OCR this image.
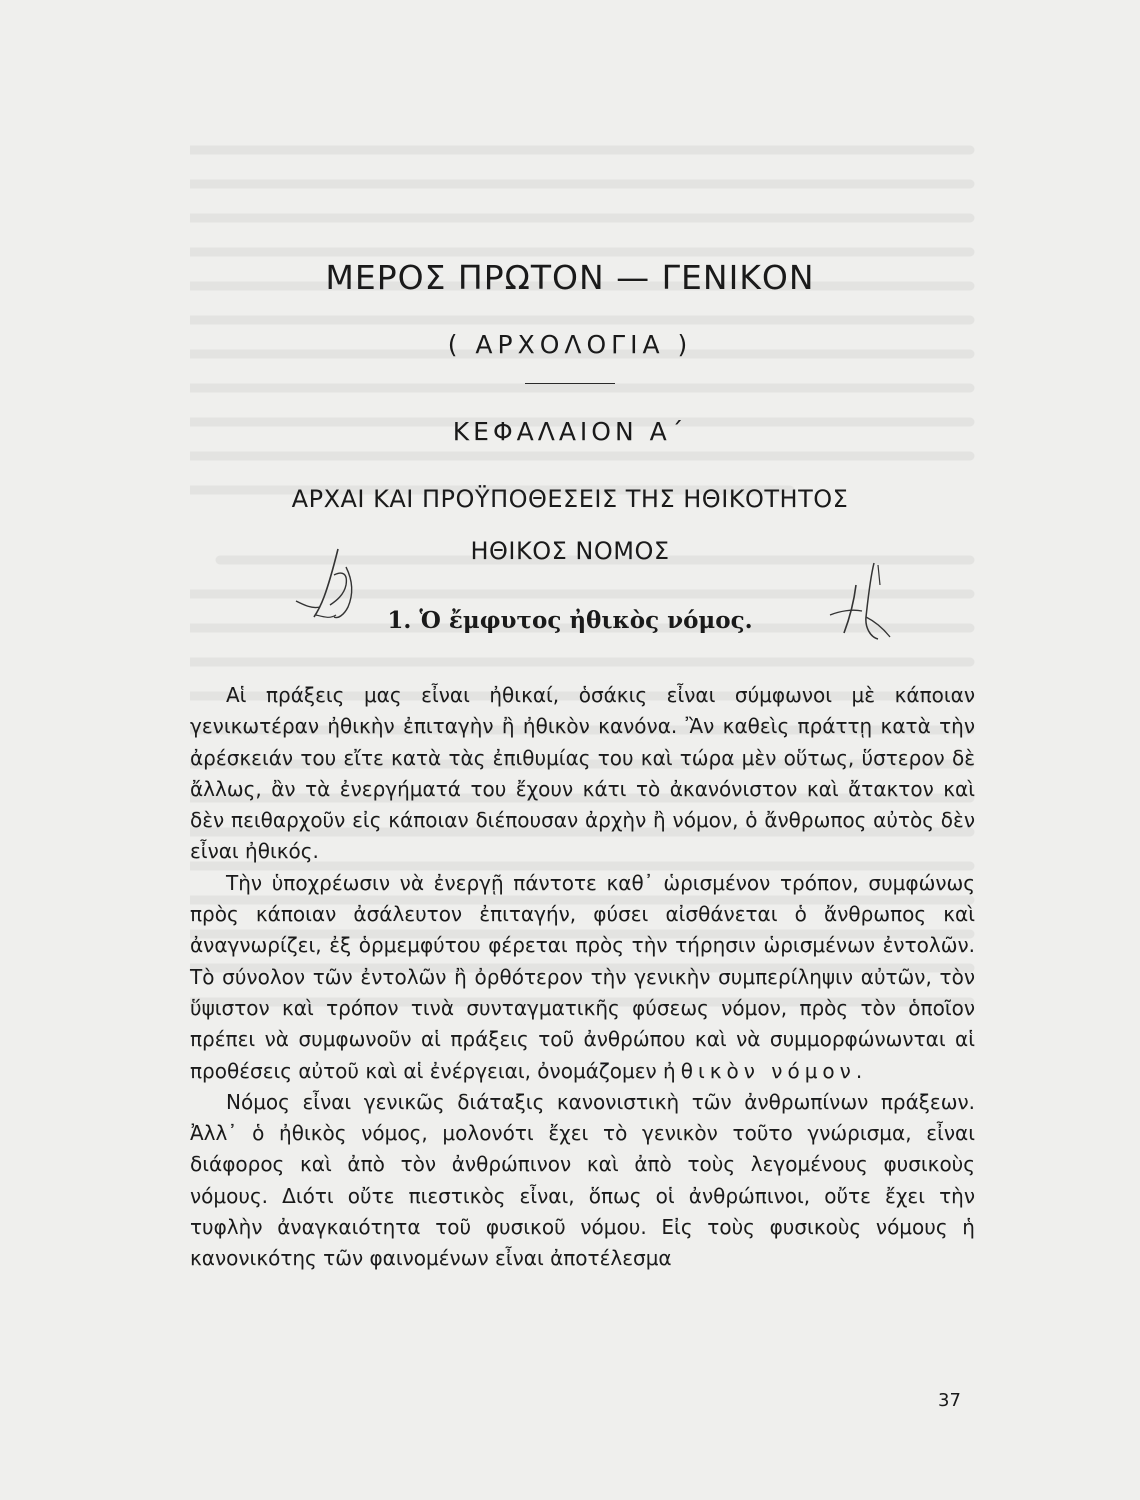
ΜΕΡΟΣ ΠΡΩΤΟΝ — ΓΕΝΙΚΟΝ
( ΑΡΧΟΛΟΓΙΑ )
ΚΕΦΑΛΑΙΟΝ Α΄
ΑΡΧΑΙ ΚΑΙ ΠΡΟΫΠΟΘΕΣΕΙΣ ΤΗΣ ΗΘΙΚΟΤΗΤΟΣ
ΗΘΙΚΟΣ ΝΟΜΟΣ
1. Ὁ ἔμφυτος ἠθικὸς νόμος.

Αἱ πράξεις μας εἶναι ἠθικαί, ὁσάκις εἶναι σύμφωνοι μὲ κάποιαν γενικωτέραν ἠθικὴν ἐπιταγὴν ἢ ἠθικὸν κανόνα. Ἂν καθεὶς πράττῃ κατὰ τὴν ἀρέσκειάν του εἴτε κατὰ τὰς ἐπιθυμίας του καὶ τώρα μὲν οὕτως, ὕστερον δὲ ἄλλως, ἂν τὰ ἐνεργήματά του ἔχουν κάτι τὸ ἀκανόνιστον καὶ ἄτακτον καὶ δὲν πειθαρχοῦν εἰς κάποιαν διέπουσαν ἀρχὴν ἢ νόμον, ὁ ἄνθρωπος αὐτὸς δὲν εἶναι ἠθικός.

Τὴν ὑποχρέωσιν νὰ ἐνεργῇ πάντοτε καθ᾽ ὡρισμένον τρόπον, συμφώνως πρὸς κάποιαν ἀσάλευτον ἐπιταγήν, φύσει αἰσθάνεται ὁ ἄνθρωπος καὶ ἀναγνωρίζει, ἐξ ὁρμεμφύτου φέρεται πρὸς τὴν τήρησιν ὡρισμένων ἐντολῶν. Τὸ σύνολον τῶν ἐντολῶν ἢ ὀρθότερον τὴν γενικὴν συμπερίληψιν αὐτῶν, τὸν ὕψιστον καὶ τρόπον τινὰ συνταγματικῆς φύσεως νόμον, πρὸς τὸν ὁποῖον πρέπει νὰ συμφωνοῦν αἱ πράξεις τοῦ ἀνθρώπου καὶ νὰ συμμορφώνωνται αἱ προθέσεις αὐτοῦ καὶ αἱ ἐνέργειαι, ὀνομάζομεν ἠθικὸν νόμον.

Νόμος εἶναι γενικῶς διάταξις κανονιστικὴ τῶν ἀνθρωπίνων πράξεων. Ἀλλ᾽ ὁ ἠθικὸς νόμος, μολονότι ἔχει τὸ γενικὸν τοῦτο γνώρισμα, εἶναι διάφορος καὶ ἀπὸ τὸν ἀνθρώπινον καὶ ἀπὸ τοὺς λεγομένους φυσικοὺς νόμους. Διότι οὔτε πιεστικὸς εἶναι, ὅπως οἱ ἀνθρώπινοι, οὔτε ἔχει τὴν τυφλὴν ἀναγκαιότητα τοῦ φυσικοῦ νόμου. Εἰς τοὺς φυσικοὺς νόμους ἡ κανονικότης τῶν φαινομένων εἶναι ἀποτέλεσμα

37
